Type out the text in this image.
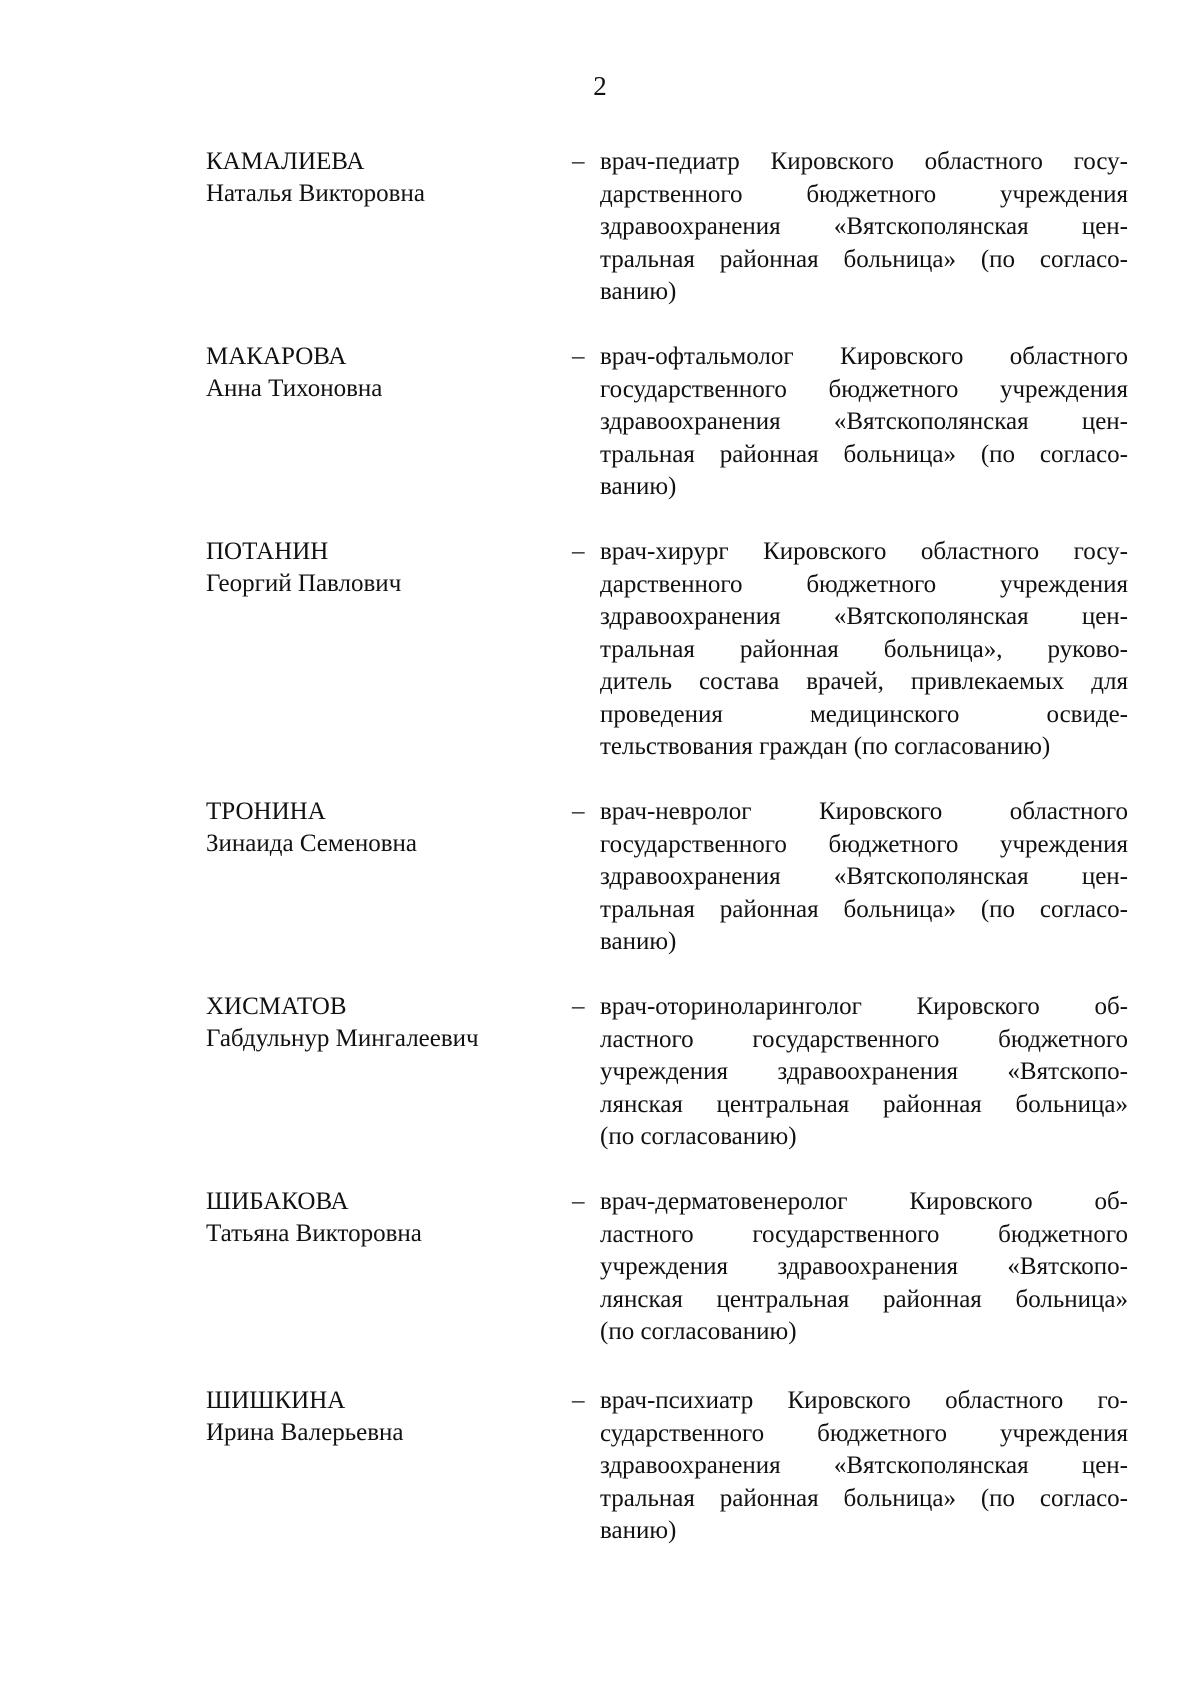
2
КАМАЛИЕВА
Наталья Викторовна
– врач-педиатр Кировского областного госу-
дарственного бюджетного учреждения
здравоохранения «Вятскополянская цен-
тральная районная больница» (по согласо-
ванию)
МАКАРОВА
Анна Тихоновна
– врач-офтальмолог Кировского областного
государственного бюджетного учреждения
здравоохранения «Вятскополянская цен-
тральная районная больница» (по согласо-
ванию)
ПОТАНИН
Георгий Павлович
– врач-хирург Кировского областного госу-
дарственного бюджетного учреждения
здравоохранения «Вятскополянская цен-
тральная районная больница», руково-
дитель состава врачей, привлекаемых для
проведения медицинского освиде-
тельствования граждан (по согласованию)
ТРОНИНА
Зинаида Семеновна
– врач-невролог Кировского областного
государственного бюджетного учреждения
здравоохранения «Вятскополянская цен-
тральная районная больница» (по согласо-
ванию)
ХИСМАТОВ
Габдульнур Мингалеевич
– врач-оториноларинголог Кировского об-
ластного государственного бюджетного
учреждения здравоохранения «Вятскопо-
лянская центральная районная больница»
(по согласованию)
ШИБАКОВА
Татьяна Викторовна
– врач-дерматовенеролог Кировского об-
ластного государственного бюджетного
учреждения здравоохранения «Вятскопо-
лянская центральная районная больница»
(по согласованию)
ШИШКИНА
Ирина Валерьевна
– врач-психиатр Кировского областного го-
сударственного бюджетного учреждения
здравоохранения «Вятскополянская цен-
тральная районная больница» (по согласо-
ванию)
